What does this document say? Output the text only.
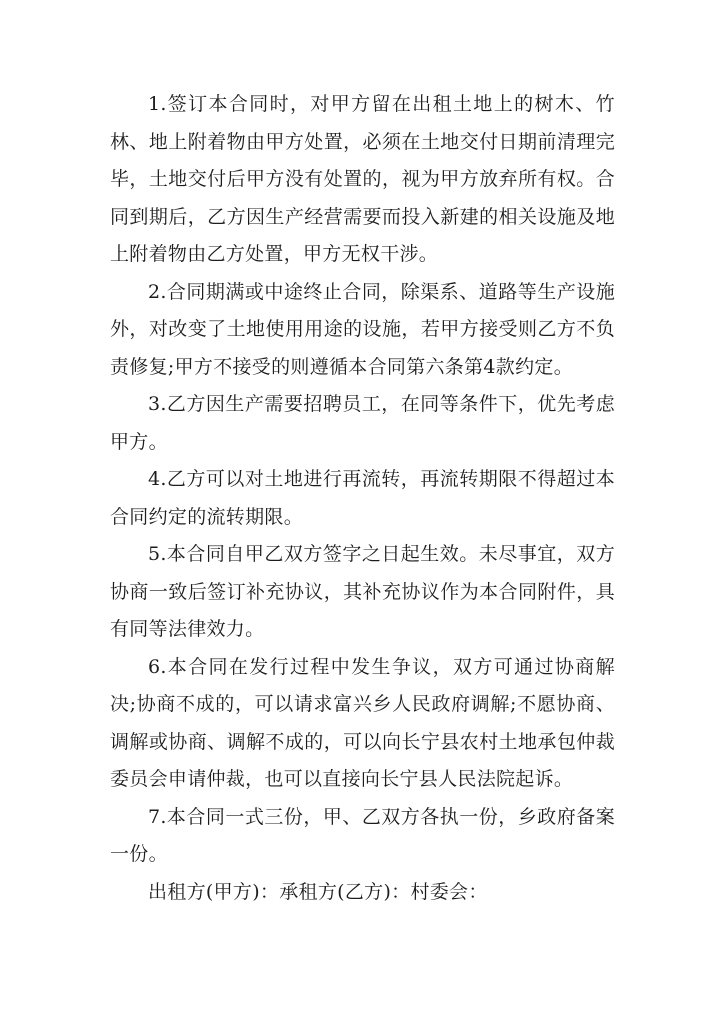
1.签订本合同时，对甲方留在出租土地上的树木、竹林、地上附着物由甲方处置，必须在土地交付日期前清理完毕，土地交付后甲方没有处置的，视为甲方放弃所有权。合同到期后，乙方因生产经营需要而投入新建的相关设施及地上附着物由乙方处置，甲方无权干涉。

2.合同期满或中途终止合同，除渠系、道路等生产设施外，对改变了土地使用用途的设施，若甲方接受则乙方不负责修复;甲方不接受的则遵循本合同第六条第4款约定。

3.乙方因生产需要招聘员工，在同等条件下，优先考虑甲方。

4.乙方可以对土地进行再流转，再流转期限不得超过本合同约定的流转期限。

5.本合同自甲乙双方签字之日起生效。未尽事宜，双方协商一致后签订补充协议，其补充协议作为本合同附件，具有同等法律效力。

6.本合同在发行过程中发生争议，双方可通过协商解决;协商不成的，可以请求富兴乡人民政府调解;不愿协商、调解或协商、调解不成的，可以向长宁县农村土地承包仲裁委员会申请仲裁，也可以直接向长宁县人民法院起诉。

7.本合同一式三份，甲、乙双方各执一份，乡政府备案一份。

出租方(甲方)：承租方(乙方)：村委会：
